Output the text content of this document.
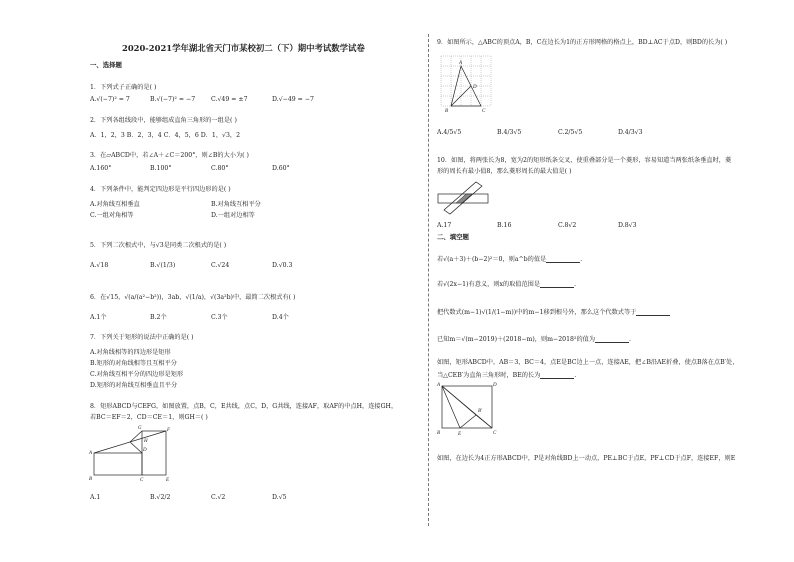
2020-2021学年湖北省天门市某校初二（下）期中考试数学试卷
一、选择题
1．下列式子正确的是( )
A.√(−7)² = 7	B.√(−7)² = −7	C.√49 = ±7	D.√−49 = −7
2．下列各组线段中，能够组成直角三角形的一组是( )
A．1，2，3 B．2，3，4 C．4，5，6 D．1，√3，2
3．在▱ABCD中，若∠A＋∠C＝200°，则∠B的大小为( )
A.160°	B.100°	C.80°	D.60°
4．下列条件中，能判定四边形是平行四边形的是( )
A.对角线互相垂直	B.对角线互相平分
C.一组对角相等	D.一组对边相等
5．下列二次根式中，与√3是同类二次根式的是( )
A.√18	B.√(1/3)	C.√24	D.√0.3
6．在√15，√(a/(a²−b²))，3ab，√(1/a)，√(3a²b)中，最简二次根式有( )
A.1个	B.2个	C.3个	D.4个
7．下列关于矩形的说法中正确的是( )
A.对角线相等的四边形是矩形
B.矩形的对角线相等且互相平分
C.对角线互相平分的四边形是矩形
D.矩形的对角线互相垂直且平分
8．矩形ABCD与CEFG，如图放置，点B，C，E共线，点C，D，G共线，连接AF，取AF的中点H，连接GH，
若BC＝EF＝2，CD＝CE＝1，则GH＝( )
A
B	C
D
E
F
G
H
A.1	B.√2/2	C.√2	D.√5
9．如图所示，△ABC的顶点A，B，C在边长为1的正方形网格的格点上，BD⊥AC于点D，则BD的长为( )
A
B	C
D
A.4/5√5	B.4/3√5	C.2/5√5	D.4/3√3
10．如图，将两张长为8，宽为2的矩形纸条交叉，使重叠部分是一个菱形，容易知道当两张纸条垂直时，菱
形的周长有最小值8，那么菱形周长的最大值是( )
A.17	B.16	C.8√2	D.8√3
二、填空题
若√(a＋3)＋(b−2)²＝0，则a^b的值是	.
若√(2x−1)有意义，则x的取值范围是	.
把代数式(m−1)√(1/(1−m))中的m−1移到根号外，那么这个代数式等于
已知m＝√(m−2019)＋(2018−m)，则m−2018²的值为	.
如图，矩形ABCD中，AB＝3，BC＝4，点E是BC边上一点，连接AE，把∠B沿AE折叠，使点B落在点B′处，
当△CEB′为直角三角形时，BE的长为	.
A	D
B	E	C
B'
如图，在边长为4正方形ABCD中，P是对角线BD上一动点，PE⊥BC于点E，PF⊥CD于点F，连接EF，则E
